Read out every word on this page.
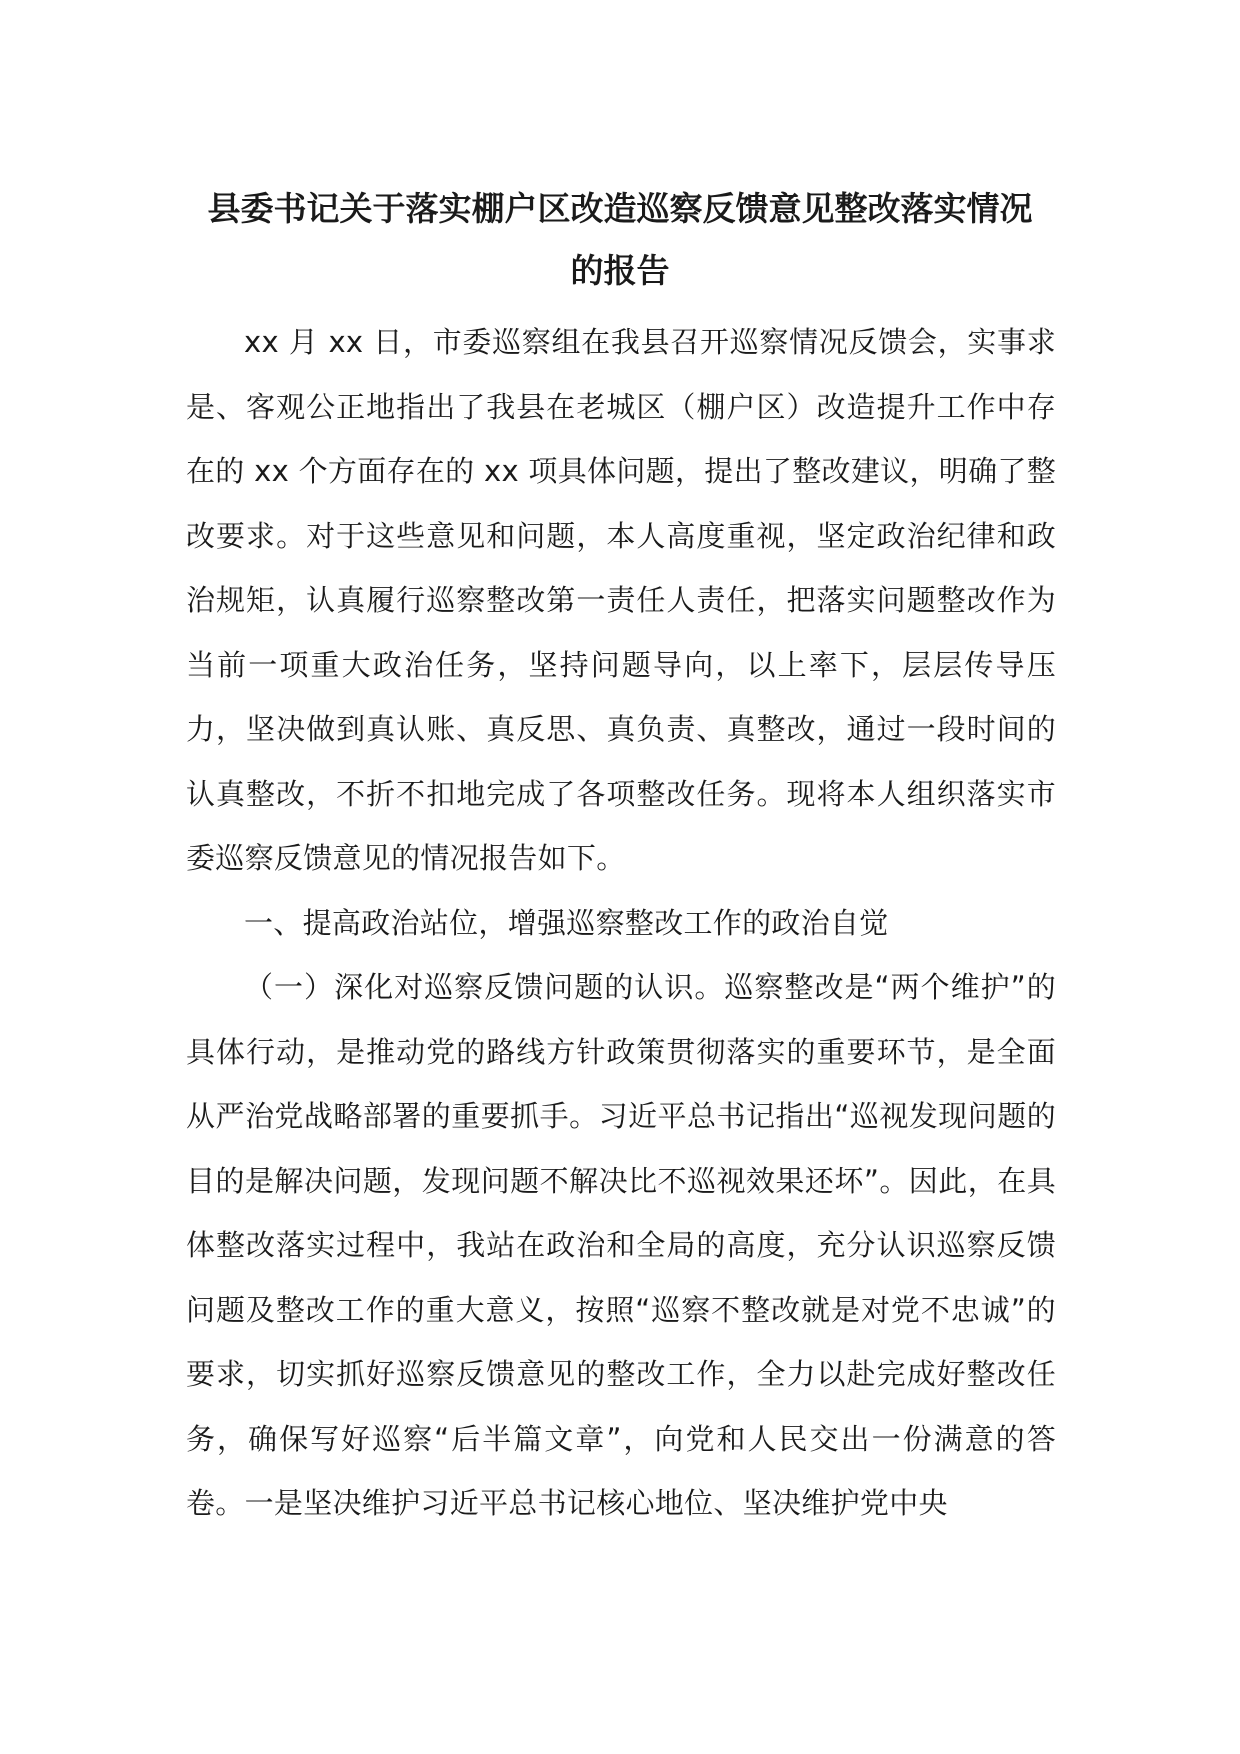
县委书记关于落实棚户区改造巡察反馈意见整改落实情况
的报告

xx 月 xx 日，市委巡察组在我县召开巡察情况反馈会，实事求是、客观公正地指出了我县在老城区（棚户区）改造提升工作中存在的 xx 个方面存在的 xx 项具体问题，提出了整改建议，明确了整改要求。对于这些意见和问题，本人高度重视，坚定政治纪律和政治规矩，认真履行巡察整改第一责任人责任，把落实问题整改作为当前一项重大政治任务，坚持问题导向，以上率下，层层传导压力，坚决做到真认账、真反思、真负责、真整改，通过一段时间的认真整改，不折不扣地完成了各项整改任务。现将本人组织落实市委巡察反馈意见的情况报告如下。

一、提高政治站位，增强巡察整改工作的政治自觉

（一）深化对巡察反馈问题的认识。巡察整改是“两个维护”的具体行动，是推动党的路线方针政策贯彻落实的重要环节，是全面从严治党战略部署的重要抓手。习近平总书记指出“巡视发现问题的目的是解决问题，发现问题不解决比不巡视效果还坏”。因此，在具体整改落实过程中，我站在政治和全局的高度，充分认识巡察反馈问题及整改工作的重大意义，按照“巡察不整改就是对党不忠诚”的要求，切实抓好巡察反馈意见的整改工作，全力以赴完成好整改任务，确保写好巡察“后半篇文章”，向党和人民交出一份满意的答卷。一是坚决维护习近平总书记核心地位、坚决维护党中央
